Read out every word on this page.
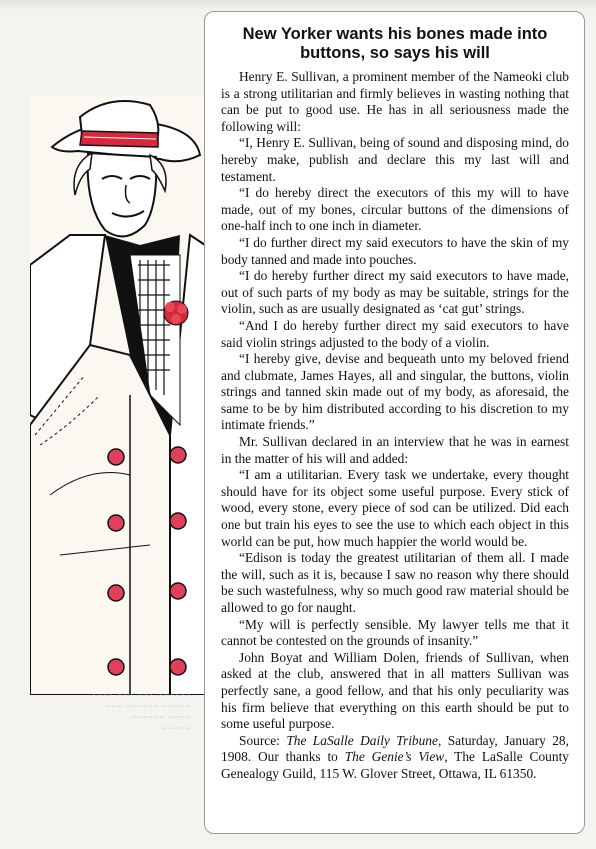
~~~~~~ ~~~ ~~~ ~~~~
~~~~~ ~~~~~~ ~~~
~~~~ ~~~~~~
~~~~~
New Yorker wants his bones made into buttons, so says his will

Henry E. Sullivan, a prominent member of the Nameoki club is a strong utilitarian and firmly believes in wasting nothing that can be put to good use. He has in all seriousness made the following will:

“I, Henry E. Sullivan, being of sound and disposing mind, do hereby make, publish and declare this my last will and testament.

“I do hereby direct the executors of this my will to have made, out of my bones, circular buttons of the dimensions of one-half inch to one inch in diameter.

“I do further direct my said executors to have the skin of my body tanned and made into pouches.

“I do hereby further direct my said executors to have made, out of such parts of my body as may be suitable, strings for the violin, such as are usually designated as ‘cat gut’ strings.

“And I do hereby further direct my said executors to have said violin strings adjusted to the body of a violin.

“I hereby give, devise and bequeath unto my beloved friend and clubmate, James Hayes, all and singular, the buttons, violin strings and tanned skin made out of my body, as aforesaid, the same to be by him distributed according to his discretion to my intimate friends.”

Mr. Sullivan declared in an interview that he was in earnest in the matter of his will and added:

“I am a utilitarian. Every task we undertake, every thought should have for its object some useful purpose. Every stick of wood, every stone, every piece of sod can be utilized. Did each one but train his eyes to see the use to which each object in this world can be put, how much happier the world would be.

“Edison is today the greatest utilitarian of them all. I made the will, such as it is, because I saw no reason why there should be such wastefulness, why so much good raw material should be allowed to go for naught.

“My will is perfectly sensible. My lawyer tells me that it cannot be contested on the grounds of insanity.”

John Boyat and William Dolen, friends of Sullivan, when asked at the club, answered that in all matters Sullivan was perfectly sane, a good fellow, and that his only peculiarity was his firm believe that everything on this earth should be put to some useful purpose.

Source: The LaSalle Daily Tribune, Saturday, January 28, 1908. Our thanks to The Genie’s View, The LaSalle County Genealogy Guild, 115 W. Glover Street, Ottawa, IL 61350.
